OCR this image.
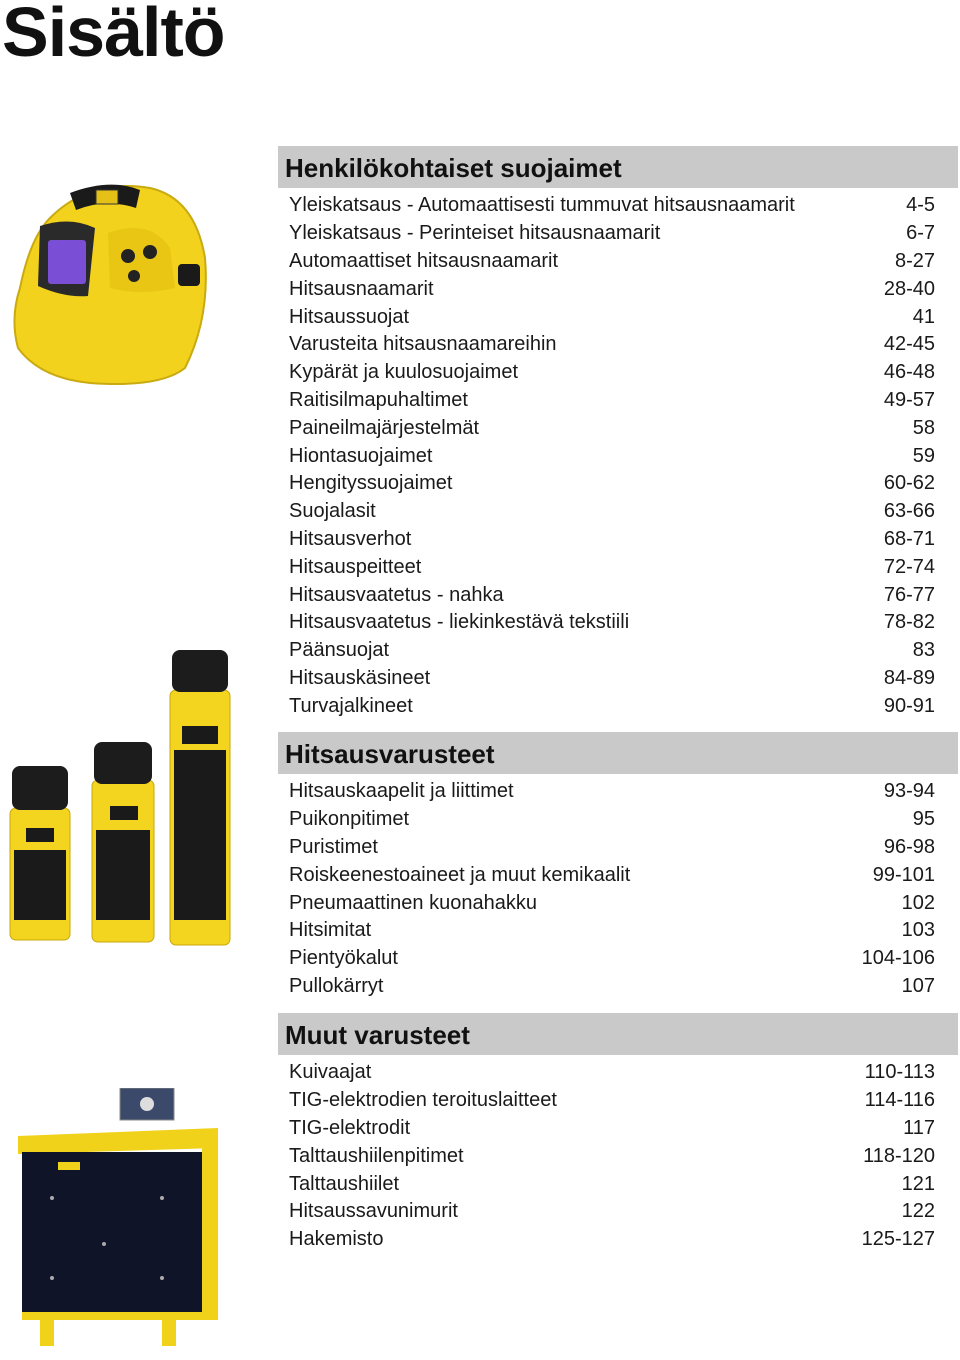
Sisältö
Henkilökohtaiset suojaimet
Yleiskatsaus - Automaattisesti tummuvat hitsausnaamarit	4-5
Yleiskatsaus - Perinteiset hitsausnaamarit	6-7
Automaattiset hitsausnaamarit	8-27
Hitsausnaamarit	28-40
Hitsaussuojat	41
Varusteita hitsausnaamareihin	42-45
Kypärät ja kuulosuojaimet	46-48
Raitisilmapuhaltimet	49-57
Paineilmajärjestelmät	58
Hiontasuojaimet	59
Hengityssuojaimet	60-62
Suojalasit	63-66
Hitsausverhot	68-71
Hitsauspeitteet	72-74
Hitsausvaatetus - nahka	76-77
Hitsausvaatetus - liekinkestävä tekstiili	78-82
Päänsuojat	83
Hitsauskäsineet	84-89
Turvajalkineet	90-91
Hitsausvarusteet
Hitsauskaapelit ja liittimet	93-94
Puikonpitimet	95
Puristimet	96-98
Roiskeenestoaineet ja muut kemikaalit	99-101
Pneumaattinen kuonahakku	102
Hitsimitat	103
Pientyökalut	104-106
Pullokärryt	107
Muut varusteet
Kuivaajat	110-113
TIG-elektrodien teroituslaitteet	114-116
TIG-elektrodit	117
Talttaushiilenpitimet	118-120
Talttaushiilet	121
Hitsaussavunimurit	122
Hakemisto	125-127
